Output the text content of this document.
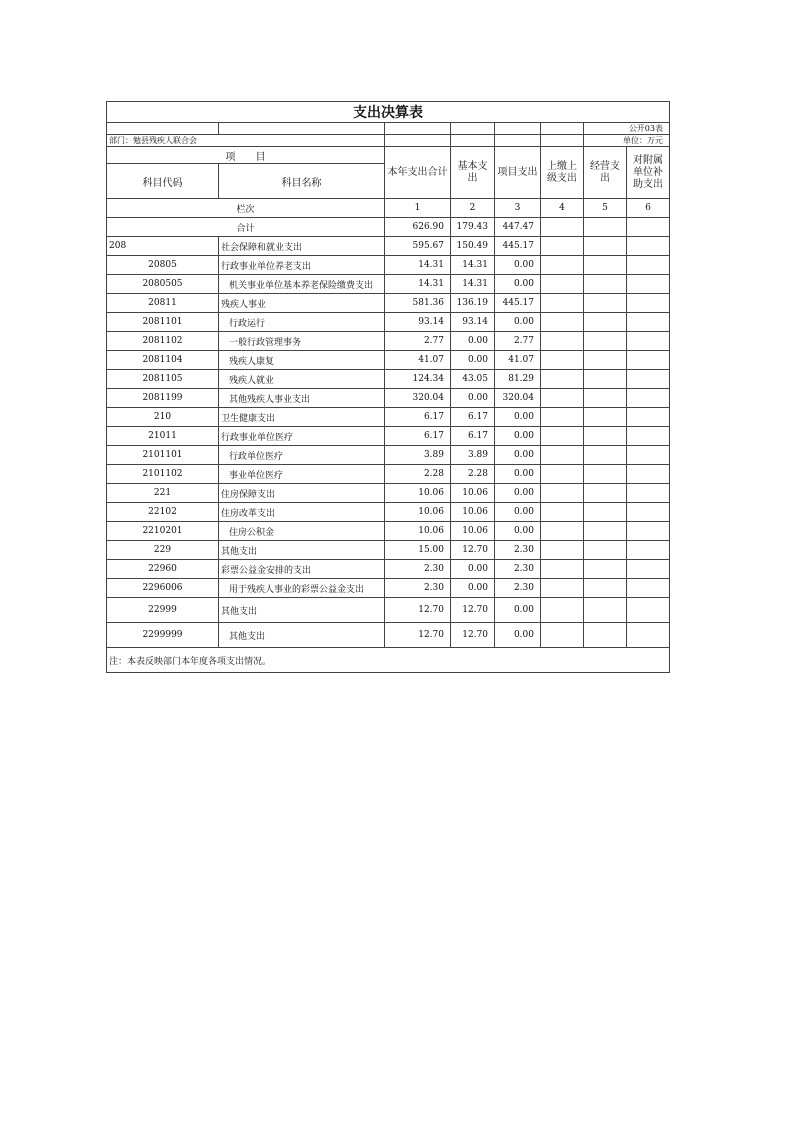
支出决算表							
						公开03表	
部门：勉县残疾人联合会						单位：万元	
项　　目		本年支出合计	基本支出	项目支出	上缴上级支出	经营支出	对附属单位补助支出
科目代码	科目名称						
栏次		1	2	3	4	5	6
合计		626.90	179.43	447.47			
208	社会保障和就业支出	595.67	150.49	445.17			
20805	行政事业单位养老支出	14.31	14.31	0.00			
2080505	机关事业单位基本养老保险缴费支出	14.31	14.31	0.00			
20811	残疾人事业	581.36	136.19	445.17			
2081101	行政运行	93.14	93.14	0.00			
2081102	一般行政管理事务	2.77	0.00	2.77			
2081104	残疾人康复	41.07	0.00	41.07			
2081105	残疾人就业	124.34	43.05	81.29			
2081199	其他残疾人事业支出	320.04	0.00	320.04			
210	卫生健康支出	6.17	6.17	0.00			
21011	行政事业单位医疗	6.17	6.17	0.00			
2101101	行政单位医疗	3.89	3.89	0.00			
2101102	事业单位医疗	2.28	2.28	0.00			
221	住房保障支出	10.06	10.06	0.00			
22102	住房改革支出	10.06	10.06	0.00			
2210201	住房公积金	10.06	10.06	0.00			
229	其他支出	15.00	12.70	2.30			
22960	彩票公益金安排的支出	2.30	0.00	2.30			
2296006	用于残疾人事业的彩票公益金支出	2.30	0.00	2.30			
22999	其他支出	12.70	12.70	0.00			
2299999	其他支出	12.70	12.70	0.00			
注：本表反映部门本年度各项支出情况。							
